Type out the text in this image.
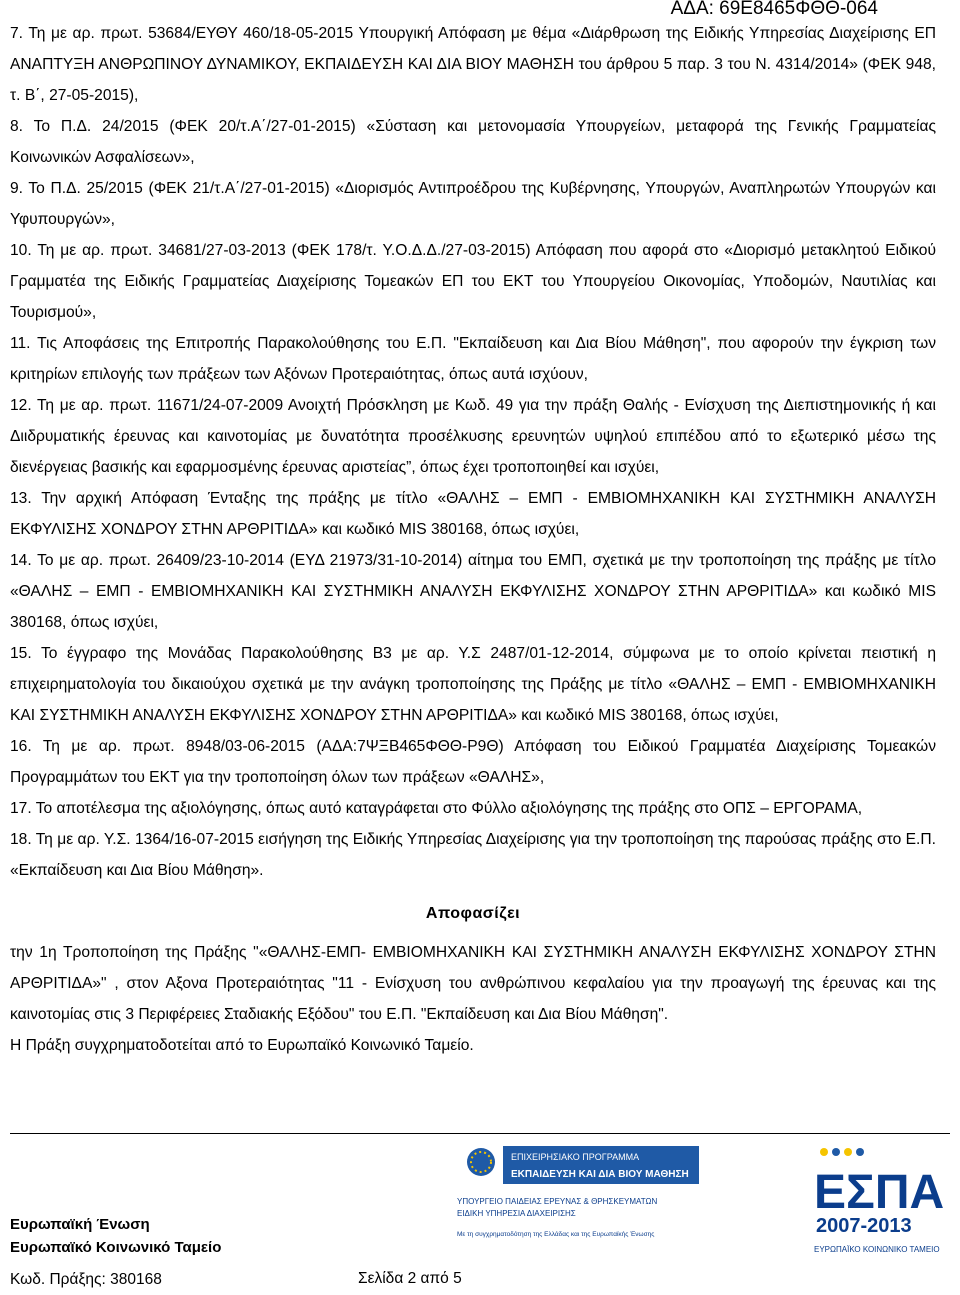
ΑΔΑ: 69Ε8465ΦΘΘ-064

7. Τη με αρ. πρωτ. 53684/ΕΥΘΥ 460/18-05-2015 Υπουργική Απόφαση με θέμα «Διάρθρωση της Ειδικής Υπηρεσίας Διαχείρισης ΕΠ ΑΝΑΠΤΥΞΗ ΑΝΘΡΩΠΙΝΟΥ ΔΥΝΑΜΙΚΟΥ, ΕΚΠΑΙΔΕΥΣΗ ΚΑΙ ΔΙΑ ΒΙΟΥ ΜΑΘΗΣΗ του άρθρου 5 παρ. 3 του Ν. 4314/2014» (ΦΕΚ 948, τ. Β΄, 27-05-2015),

8. Το Π.Δ. 24/2015 (ΦΕΚ 20/τ.Α΄/27-01-2015) «Σύσταση και μετονομασία Υπουργείων, μεταφορά της Γενικής Γραμματείας Κοινωνικών Ασφαλίσεων»,

9. Το Π.Δ. 25/2015 (ΦΕΚ 21/τ.Α΄/27-01-2015) «Διορισμός Αντιπροέδρου της Κυβέρνησης, Υπουργών, Αναπληρωτών Υπουργών και Υφυπουργών»,

10. Τη με αρ. πρωτ. 34681/27-03-2013 (ΦΕΚ 178/τ. Υ.Ο.Δ.Δ./27-03-2015) Απόφαση που αφορά στο «Διορισμό μετακλητού Ειδικού Γραμματέα της Ειδικής Γραμματείας Διαχείρισης Τομεακών ΕΠ του ΕΚΤ του Υπουργείου Οικονομίας, Υποδομών, Ναυτιλίας και Τουρισμού»,

11. Τις Αποφάσεις της Επιτροπής Παρακολούθησης του Ε.Π. "Εκπαίδευση και Δια Βίου Μάθηση", που αφορούν την έγκριση των κριτηρίων επιλογής των πράξεων των Αξόνων Προτεραιότητας, όπως αυτά ισχύουν,

12. Τη με αρ. πρωτ. 11671/24-07-2009 Ανοιχτή Πρόσκληση με Κωδ. 49 για την πράξη Θαλής - Ενίσχυση της Διεπιστημονικής ή και Διιδρυματικής έρευνας και καινοτομίας με δυνατότητα προσέλκυσης ερευνητών υψηλού επιπέδου από το εξωτερικό μέσω της διενέργειας βασικής και εφαρμοσμένης έρευνας αριστείας”, όπως έχει τροποποιηθεί και ισχύει,

13. Την αρχική Απόφαση Ένταξης της πράξης με τίτλο «ΘΑΛΗΣ – ΕΜΠ - ΕΜΒΙΟΜΗΧΑΝΙΚΗ ΚΑΙ ΣΥΣΤΗΜΙΚΗ ΑΝΑΛΥΣΗ ΕΚΦΥΛΙΣΗΣ ΧΟΝΔΡΟΥ ΣΤΗΝ ΑΡΘΡΙΤΙΔΑ» και κωδικό MIS 380168, όπως ισχύει,

14. Το με αρ. πρωτ. 26409/23-10-2014 (ΕΥΔ 21973/31-10-2014) αίτημα του ΕΜΠ, σχετικά με την τροποποίηση της πράξης με τίτλο «ΘΑΛΗΣ – ΕΜΠ - ΕΜΒΙΟΜΗΧΑΝΙΚΗ ΚΑΙ ΣΥΣΤΗΜΙΚΗ ΑΝΑΛΥΣΗ ΕΚΦΥΛΙΣΗΣ ΧΟΝΔΡΟΥ ΣΤΗΝ ΑΡΘΡΙΤΙΔΑ» και κωδικό MIS 380168, όπως ισχύει,

15. Το έγγραφο της Μονάδας Παρακολούθησης Β3 με αρ. Υ.Σ 2487/01-12-2014, σύμφωνα με το οποίο κρίνεται πειστική η επιχειρηματολογία του δικαιούχου σχετικά με την ανάγκη τροποποίησης της Πράξης με τίτλο «ΘΑΛΗΣ – ΕΜΠ - ΕΜΒΙΟΜΗΧΑΝΙΚΗ ΚΑΙ ΣΥΣΤΗΜΙΚΗ ΑΝΑΛΥΣΗ ΕΚΦΥΛΙΣΗΣ ΧΟΝΔΡΟΥ ΣΤΗΝ ΑΡΘΡΙΤΙΔΑ» και κωδικό MIS 380168, όπως ισχύει,

16. Τη με αρ. πρωτ. 8948/03-06-2015 (ΑΔΑ:7ΨΞΒ465ΦΘΘ-Ρ9Θ) Απόφαση του Ειδικού Γραμματέα Διαχείρισης Τομεακών Προγραμμάτων του ΕΚΤ για την τροποποίηση όλων των πράξεων «ΘΑΛΗΣ»,

17. Το αποτέλεσμα της αξιολόγησης, όπως αυτό καταγράφεται στο Φύλλο αξιολόγησης της πράξης στο ΟΠΣ – ΕΡΓΟΡΑΜΑ,

18. Τη με αρ. Υ.Σ. 1364/16-07-2015 εισήγηση της Ειδικής Υπηρεσίας Διαχείρισης για την τροποποίηση της παρούσας πράξης στο Ε.Π. «Εκπαίδευση και Δια Βίου Μάθηση».

Αποφασίζει

την 1η Τροποποίηση της Πράξης "«ΘΑΛΗΣ-ΕΜΠ- ΕΜΒΙΟΜΗΧΑΝΙΚΗ ΚΑΙ ΣΥΣΤΗΜΙΚΗ ΑΝΑΛΥΣΗ ΕΚΦΥΛΙΣΗΣ ΧΟΝΔΡΟΥ ΣΤΗΝ ΑΡΘΡΙΤΙΔΑ»" , στον Αξονα Προτεραιότητας "11 - Ενίσχυση του ανθρώπινου κεφαλαίου για την προαγωγή της έρευνας και της καινοτομίας στις 3 Περιφέρειες Σταδιακής Εξόδου" του Ε.Π. "Εκπαίδευση και Δια Βίου Μάθηση".

Η Πράξη συγχρηματοδοτείται από το Ευρωπαϊκό Κοινωνικό Ταμείο.

ΕΠΙΧΕΙΡΗΣΙΑΚΟ ΠΡΟΓΡΑΜΜΑ
ΕΚΠΑΙΔΕΥΣΗ ΚΑΙ ΔΙΑ ΒΙΟΥ ΜΑΘΗΣΗ
ΥΠΟΥΡΓΕΙΟ ΠΑΙΔΕΙΑΣ ΕΡΕΥΝΑΣ & ΘΡΗΣΚΕΥΜΑΤΩΝ
ΕΙΔΙΚΗ ΥΠΗΡΕΣΙΑ ΔΙΑΧΕΙΡΙΣΗΣ
Με τη συγχρηματοδότηση της Ελλάδας και της Ευρωπαϊκής Ένωσης
ΕΣΠΑ
2007-2013
ΕΥΡΩΠΑΪΚΟ ΚΟΙΝΩΝΙΚΟ ΤΑΜΕΙΟ
Ευρωπαϊκή Ένωση
Ευρωπαϊκό Κοινωνικό Ταμείο
Κωδ. Πράξης: 380168	Σελίδα 2 από 5
